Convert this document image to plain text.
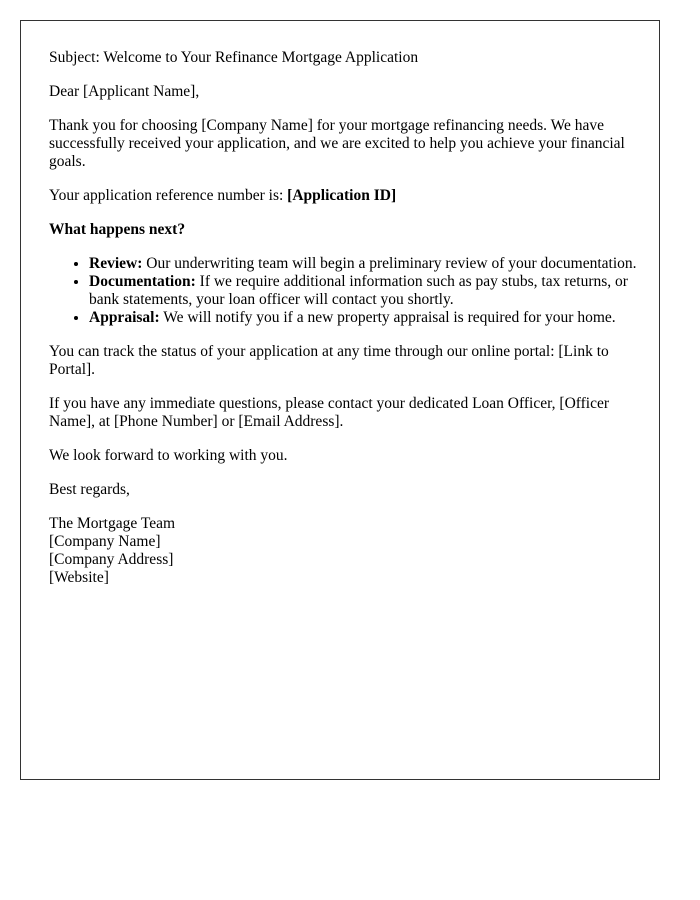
Subject: Welcome to Your Refinance Mortgage Application

Dear [Applicant Name],

Thank you for choosing [Company Name] for your mortgage refinancing needs. We have successfully received your application, and we are excited to help you achieve your financial goals.

Your application reference number is: [Application ID]

What happens next?

• Review: Our underwriting team will begin a preliminary review of your documentation.
• Documentation: If we require additional information such as pay stubs, tax returns, or bank statements, your loan officer will contact you shortly.
• Appraisal: We will notify you if a new property appraisal is required for your home.

You can track the status of your application at any time through our online portal: [Link to Portal].

If you have any immediate questions, please contact your dedicated Loan Officer, [Officer Name], at [Phone Number] or [Email Address].

We look forward to working with you.

Best regards,

The Mortgage Team
[Company Name]
[Company Address]
[Website]
